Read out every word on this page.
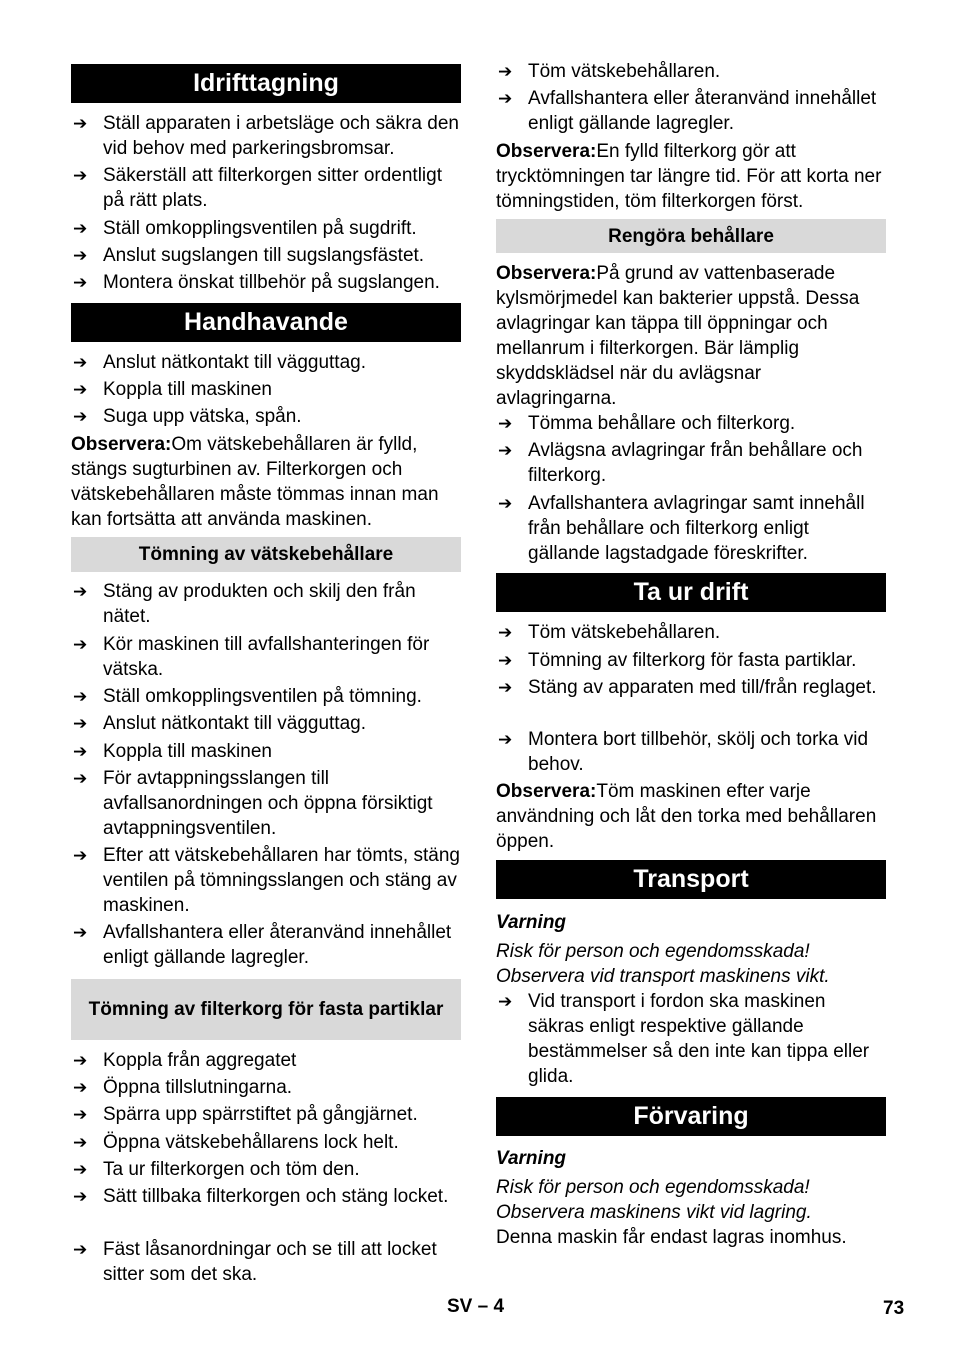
Idrifttagning
➔ Ställ apparaten i arbetsläge och säkra den vid behov med parkeringsbromsar.
➔ Säkerställ att filterkorgen sitter ordentligt på rätt plats.
➔ Ställ omkopplingsventilen på sugdrift.
➔ Anslut sugslangen till sugslangsfästet.
➔ Montera önskat tillbehör på sugslangen.
Handhavande
➔ Anslut nätkontakt till vägguttag.
➔ Koppla till maskinen
➔ Suga upp vätska, spån.
Observera:Om vätskebehållaren är fylld, stängs sugturbinen av. Filterkorgen och vätskebehållaren måste tömmas innan man kan fortsätta att använda maskinen.
Tömning av vätskebehållare
➔ Stäng av produkten och skilj den från nätet.
➔ Kör maskinen till avfallshanteringen för vätska.
➔ Ställ omkopplingsventilen på tömning.
➔ Anslut nätkontakt till vägguttag.
➔ Koppla till maskinen
➔ För avtappningsslangen till avfallsanordningen och öppna försiktigt avtappningsventilen.
➔ Efter att vätskebehållaren har tömts, stäng ventilen på tömningsslangen och stäng av maskinen.
➔ Avfallshantera eller återanvänd innehållet enligt gällande lagregler.
Tömning av filterkorg för fasta partiklar
➔ Koppla från aggregatet
➔ Öppna tillslutningarna.
➔ Spärra upp spärrstiftet på gångjärnet.
➔ Öppna vätskebehållarens lock helt.
➔ Ta ur filterkorgen och töm den.
➔ Sätt tillbaka filterkorgen och stäng locket.
➔ Fäst låsanordningar och se till att locket sitter som det ska.
➔ Töm vätskebehållaren.
➔ Avfallshantera eller återanvänd innehållet enligt gällande lagregler.
Observera:En fylld filterkorg gör att trycktömningen tar längre tid. För att korta ner tömningstiden, töm filterkorgen först.
Rengöra behållare
Observera:På grund av vattenbaserade kylsmörjmedel kan bakterier uppstå. Dessa avlagringar kan täppa till öppningar och mellanrum i filterkorgen. Bär lämplig skyddsklädsel när du avlägsnar avlagringarna.
➔ Tömma behållare och filterkorg.
➔ Avlägsna avlagringar från behållare och filterkorg.
➔ Avfallshantera avlagringar samt innehåll från behållare och filterkorg enligt gällande lagstadgade föreskrifter.
Ta ur drift
➔ Töm vätskebehållaren.
➔ Tömning av filterkorg för fasta partiklar.
➔ Stäng av apparaten med till/från reglaget.
➔ Montera bort tillbehör, skölj och torka vid behov.
Observera:Töm maskinen efter varje användning och låt den torka med behållaren öppen.
Transport
Varning
Risk för person och egendomsskada! Observera vid transport maskinens vikt.
➔ Vid transport i fordon ska maskinen säkras enligt respektive gällande bestämmelser så den inte kan tippa eller glida.
Förvaring
Varning
Risk för person och egendomsskada! Observera maskinens vikt vid lagring.
Denna maskin får endast lagras inomhus.
SV – 4	73
